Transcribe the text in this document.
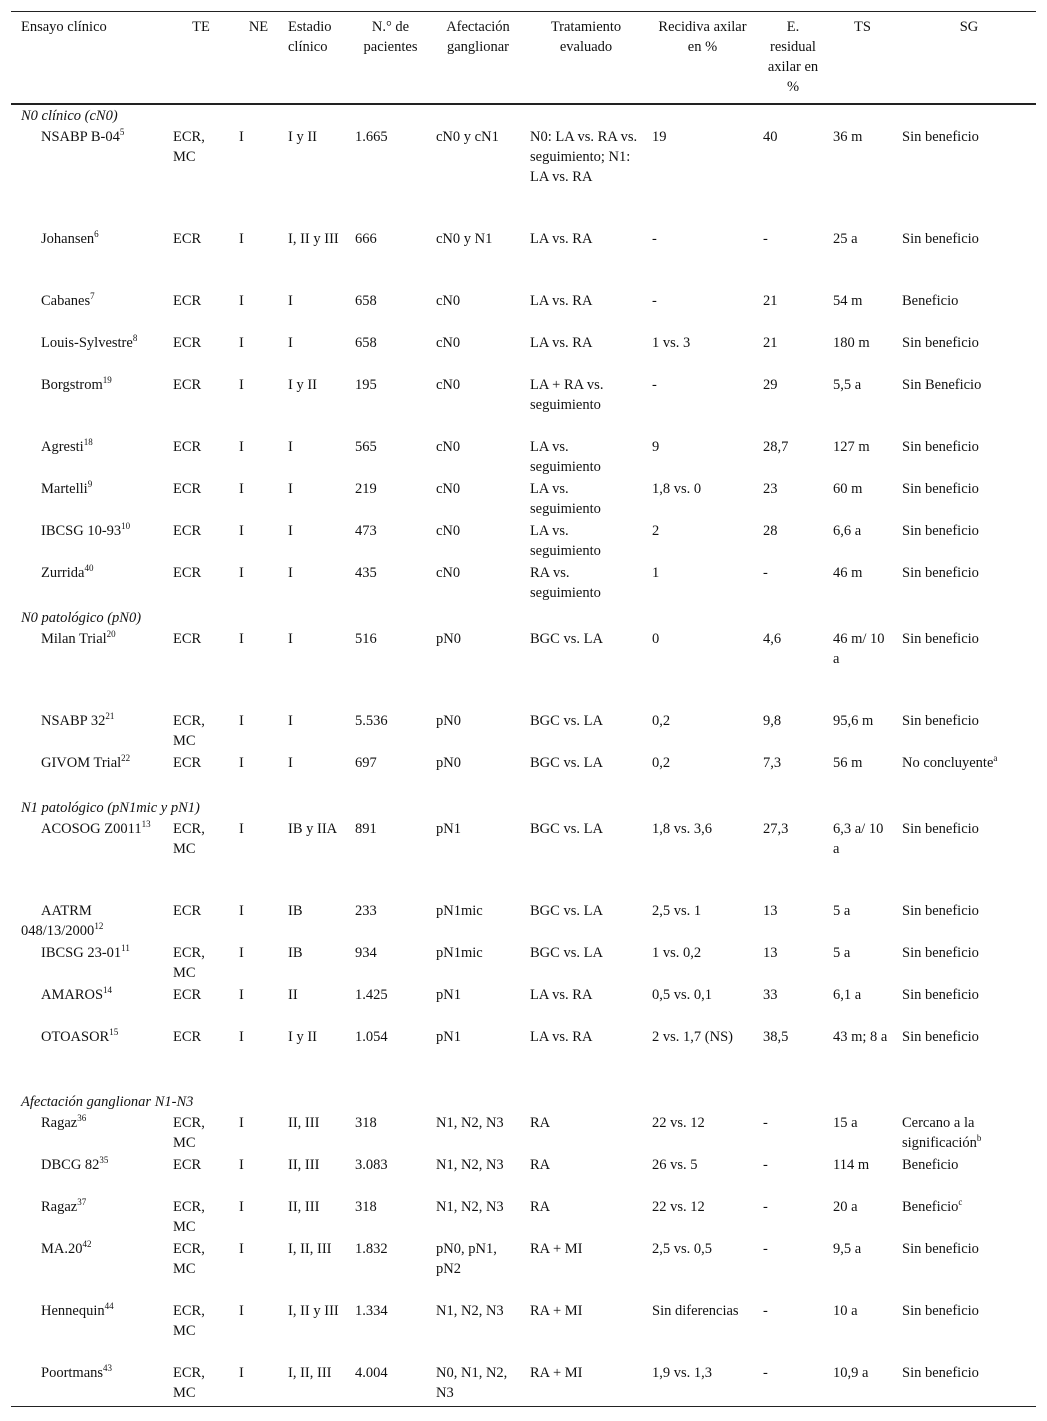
Ensayo clínico	TE	NE	Estadio clínico	N.° de pacientes	Afectación ganglionar	Tratamiento evaluado	Recidiva axilar en %	E. residual axilar en %	TS	SG
N0 clínico (cN0)										
NSABP $B-04^5$	ECR, MC	I	I y II	1.665	cN0 y cN1	N0: LA vs. RA vs. seguimiento; N1: LA vs. RA	19	40	36 m	Sin beneficio
Johansen$^6$	ECR	I	I, II y III	666	cN0 y N1	LA vs. RA	-	-	25 a	Sin beneficio
Cabanes$^7$	ECR	I	I	658	cN0	LA vs. RA	-	21	54 m	Beneficio
Louis-Sylvestre$^8$	ECR	I	I	658	cN0	LA vs. RA	1 vs. 3	21	180 m	Sin beneficio
Borgstrom$^{19}$	ECR	I	I y II	195	cN0	LA + RA vs. seguimiento	-	29	5,5 a	Sin Beneficio
Agresti$^{18}$	ECR	I	I	565	cN0	LA vs. seguimiento	9	28,7	127 m	Sin beneficio
Martelli$^9$	ECR	I	I	219	cN0	LA vs. seguimiento	1,8 vs. 0	23	60 m	Sin beneficio
IBCSG $10-93^{10}$	ECR	I	I	473	cN0	LA vs. seguimiento	2	28	6,6 a	Sin beneficio
Zurrida$^{40}$	ECR	I	I	435	cN0	RA vs. seguimiento	1	-	46 m	Sin beneficio
N0 patológico (pN0)										
Milan Trial$^{20}$	ECR	I	I	516	pN0	BGC vs. LA	0	4,6	46 m/ 10 a	Sin beneficio
NSABP $32^{21}$	ECR, MC	I	I	5.536	pN0	BGC vs. LA	0,2	9,8	95,6 m	Sin beneficio
GIVOM Trial$^{22}$	ECR	I	I	697	pN0	BGC vs. LA	0,2	7,3	56 m	No concluyente$^a$
N1 patológico (pN1mic y pN1)										
ACOSOG Z0011$^{13}$	ECR, MC	I	IB y IIA	891	pN1	BGC vs. LA	1,8 vs. 3,6	27,3	6,3 a/ 10 a	Sin beneficio
AATRM 048/13/2000$^{12}$	ECR	I	IB	233	pN1mic	BGC vs. LA	2,5 vs. 1	13	5 a	Sin beneficio
IBCSG $23-01^{11}$	ECR, MC	I	IB	934	pN1mic	BGC vs. LA	1 vs. 0,2	13	5 a	Sin beneficio
AMAROS$^{14}$	ECR	I	II	1.425	pN1	LA vs. RA	0,5 vs. 0,1	33	6,1 a	Sin beneficio
OTOASOR$^{15}$	ECR	I	I y II	1.054	pN1	LA vs. RA	2 vs. 1,7 (NS)	38,5	43 m; 8 a	Sin beneficio
Afectación ganglionar N1-N3										
Ragaz$^{36}$	ECR, MC	I	II, III	318	N1, N2, N3	RA	22 vs. 12	-	15 a	Cercano a la significación$^b$
DBCG $82^{35}$	ECR	I	II, III	3.083	N1, N2, N3	RA	26 vs. 5	-	114 m	Beneficio
Ragaz$^{37}$	ECR, MC	I	II, III	318	N1, N2, N3	RA	22 vs. 12	-	20 a	Beneficio$^c$
$MA.20^{42}$	ECR, MC	I	I, II, III	1.832	pN0, pN1, pN2	RA + MI	2,5 vs. 0,5	-	9,5 a	Sin beneficio
Hennequin$^{44}$	ECR, MC	I	I, II y III	1.334	N1, N2, N3	RA + MI	Sin diferencias	-	10 a	Sin beneficio
Poortmans$^{43}$	ECR, MC	I	I, II, III	4.004	N0, N1, N2, N3	RA + MI	1,9 vs. 1,3	-	10,9 a	Sin beneficio
